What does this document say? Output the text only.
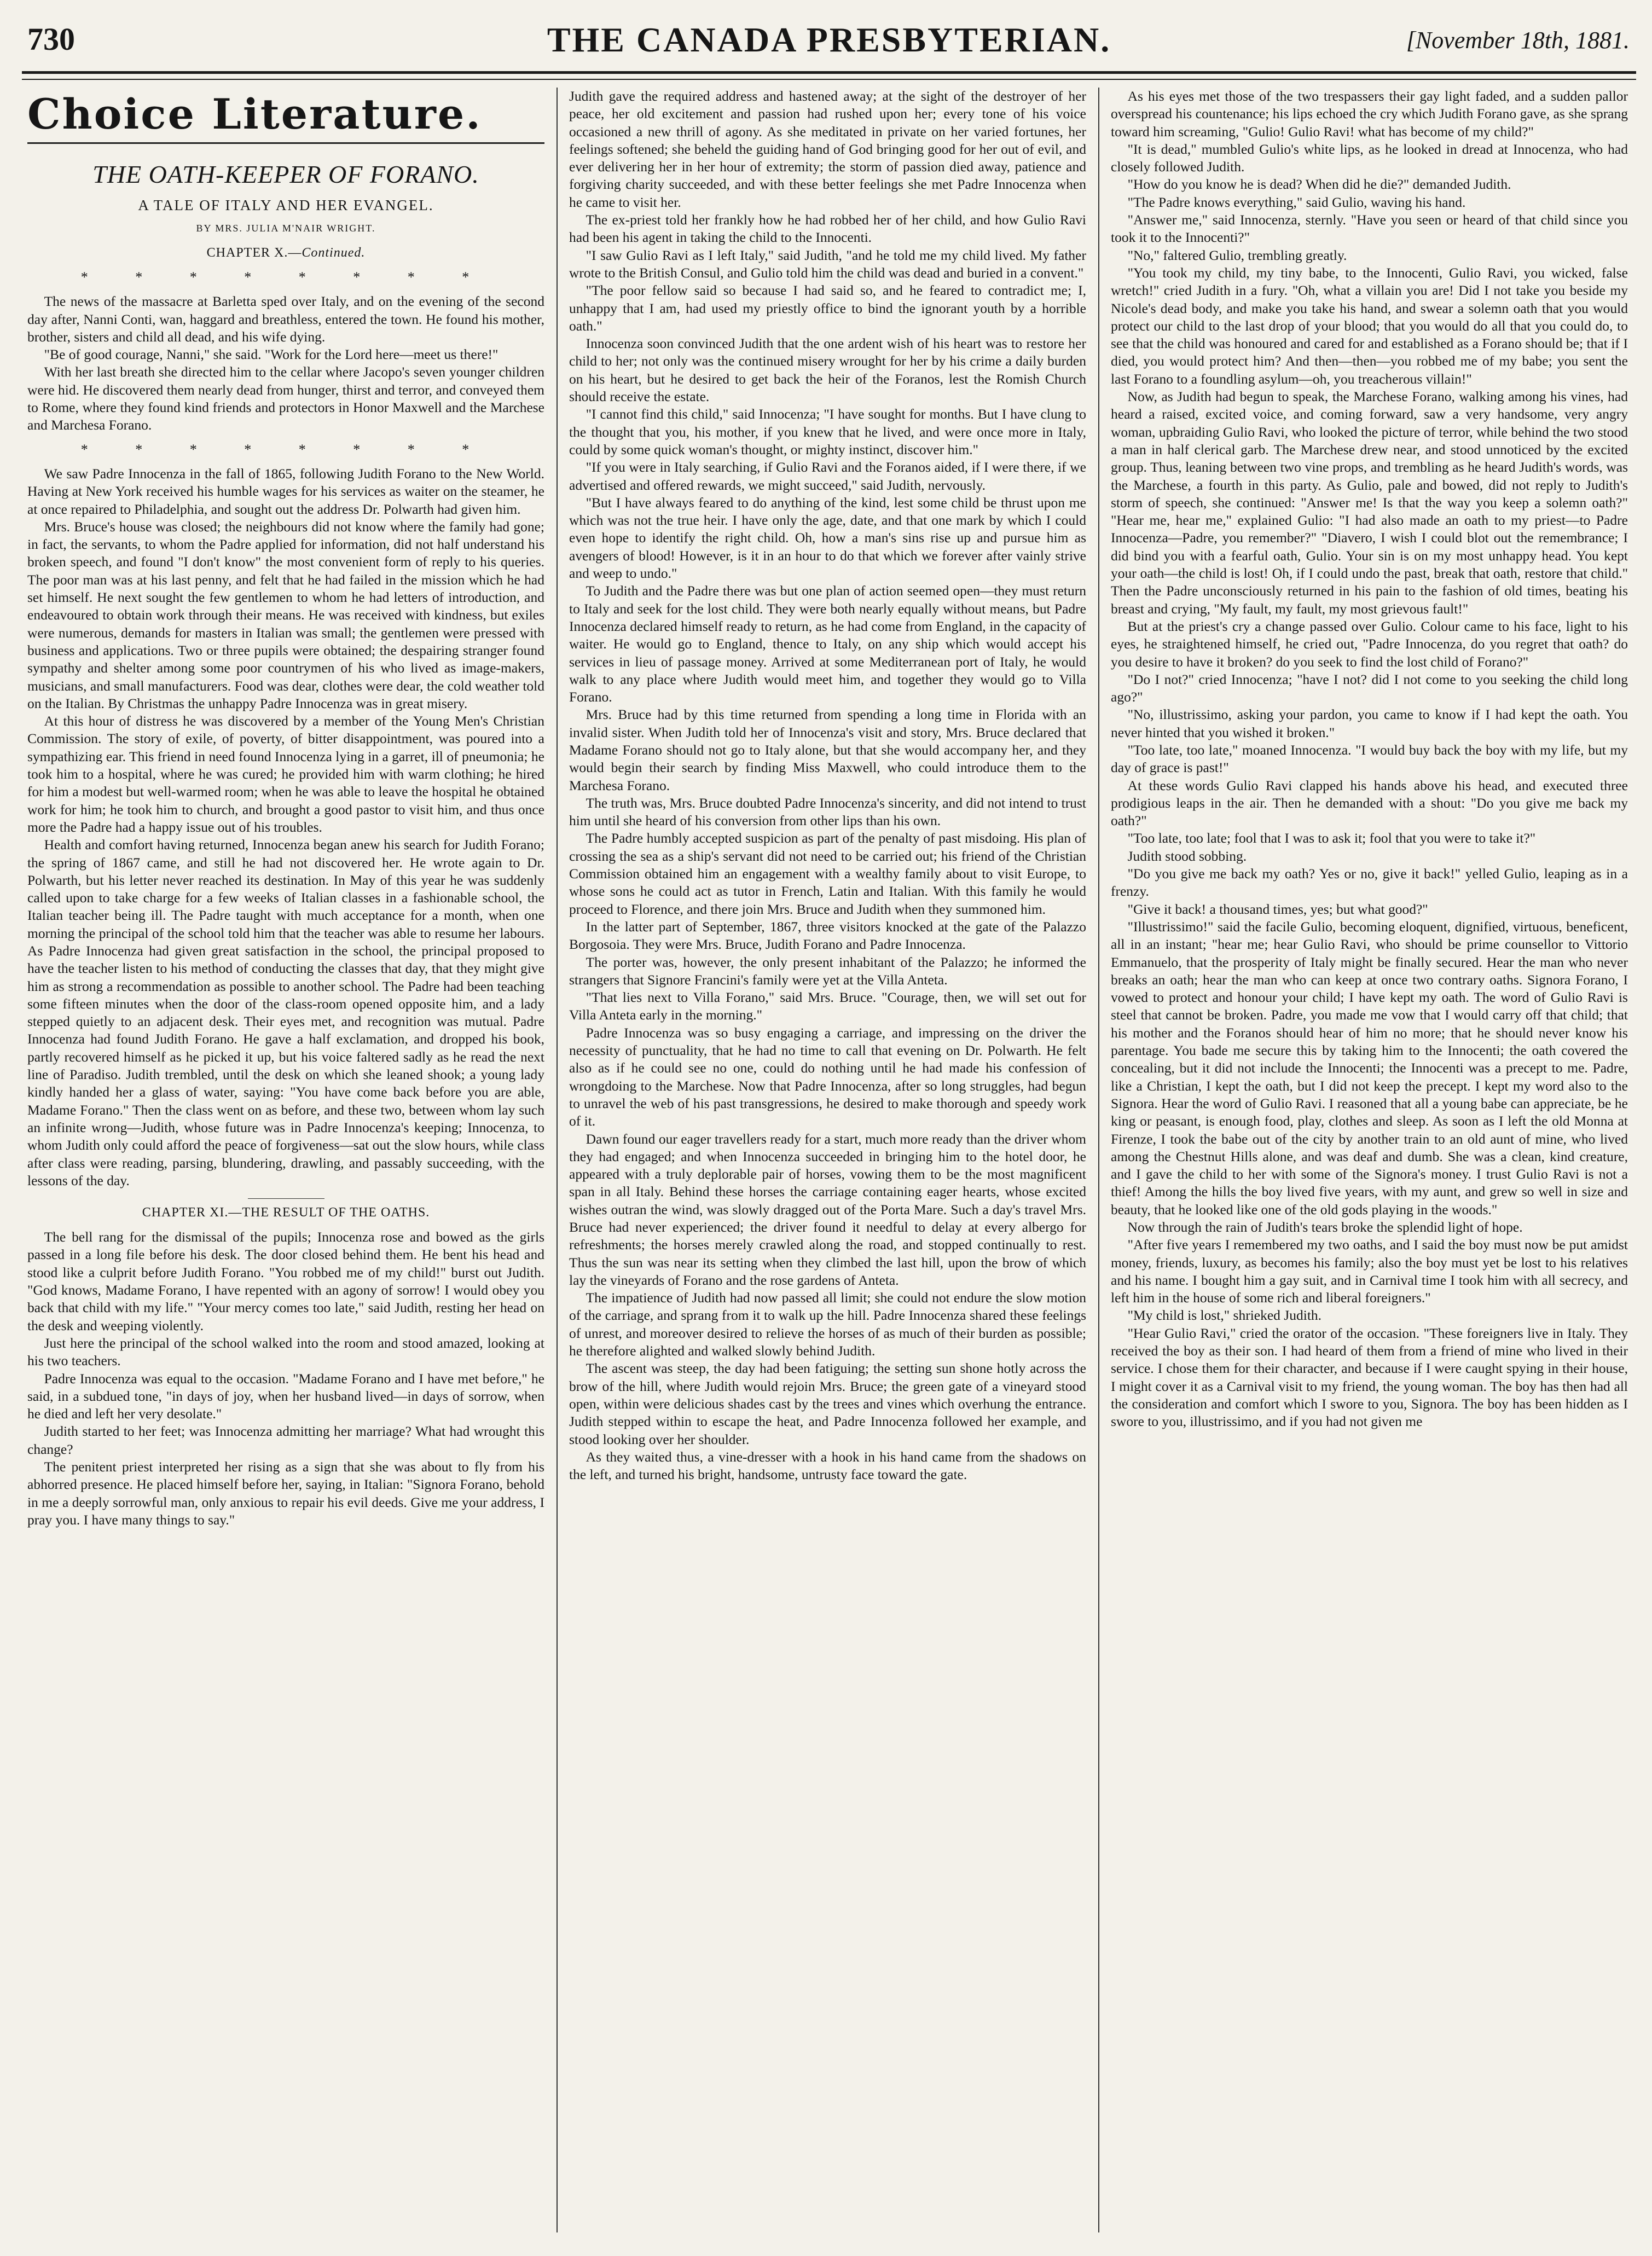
730	THE CANADA PRESBYTERIAN.	[November 18th, 1881.
Choice Literature.
THE OATH-KEEPER OF FORANO.
A TALE OF ITALY AND HER EVANGEL.
BY MRS. JULIA M'NAIR WRIGHT.
CHAPTER X.—Continued.
* * * * * * * *

The news of the massacre at Barletta sped over Italy, and on the evening of the second day after, Nanni Conti, wan, haggard and breathless, entered the town. He found his mother, brother, sisters and child all dead, and his wife dying.

"Be of good courage, Nanni," she said. "Work for the Lord here—meet us there!"

With her last breath she directed him to the cellar where Jacopo's seven younger children were hid. He discovered them nearly dead from hunger, thirst and terror, and conveyed them to Rome, where they found kind friends and protectors in Honor Maxwell and the Marchese and Marchesa Forano.

* * * * * * * *

We saw Padre Innocenza in the fall of 1865, following Judith Forano to the New World. Having at New York received his humble wages for his services as waiter on the steamer, he at once repaired to Philadelphia, and sought out the address Dr. Polwarth had given him.

Mrs. Bruce's house was closed; the neighbours did not know where the family had gone; in fact, the servants, to whom the Padre applied for information, did not half understand his broken speech, and found "I don't know" the most convenient form of reply to his queries. The poor man was at his last penny, and felt that he had failed in the mission which he had set himself. He next sought the few gentlemen to whom he had letters of introduction, and endeavoured to obtain work through their means. He was received with kindness, but exiles were numerous, demands for masters in Italian was small; the gentlemen were pressed with business and applications. Two or three pupils were obtained; the despairing stranger found sympathy and shelter among some poor countrymen of his who lived as image-makers, musicians, and small manufacturers. Food was dear, clothes were dear, the cold weather told on the Italian. By Christmas the unhappy Padre Innocenza was in great misery.

At this hour of distress he was discovered by a member of the Young Men's Christian Commission. The story of exile, of poverty, of bitter disappointment, was poured into a sympathizing ear. This friend in need found Innocenza lying in a garret, ill of pneumonia; he took him to a hospital, where he was cured; he provided him with warm clothing; he hired for him a modest but well-warmed room; when he was able to leave the hospital he obtained work for him; he took him to church, and brought a good pastor to visit him, and thus once more the Padre had a happy issue out of his troubles.

Health and comfort having returned, Innocenza began anew his search for Judith Forano; the spring of 1867 came, and still he had not discovered her. He wrote again to Dr. Polwarth, but his letter never reached its destination. In May of this year he was suddenly called upon to take charge for a few weeks of Italian classes in a fashionable school, the Italian teacher being ill. The Padre taught with much acceptance for a month, when one morning the principal of the school told him that the teacher was able to resume her labours. As Padre Innocenza had given great satisfaction in the school, the principal proposed to have the teacher listen to his method of conducting the classes that day, that they might give him as strong a recommendation as possible to another school. The Padre had been teaching some fifteen minutes when the door of the class-room opened opposite him, and a lady stepped quietly to an adjacent desk. Their eyes met, and recognition was mutual. Padre Innocenza had found Judith Forano. He gave a half exclamation, and dropped his book, partly recovered himself as he picked it up, but his voice faltered sadly as he read the next line of Paradiso. Judith trembled, until the desk on which she leaned shook; a young lady kindly handed her a glass of water, saying: "You have come back before you are able, Madame Forano." Then the class went on as before, and these two, between whom lay such an infinite wrong—Judith, whose future was in Padre Innocenza's keeping; Innocenza, to whom Judith only could afford the peace of forgiveness—sat out the slow hours, while class after class were reading, parsing, blundering, drawling, and passably succeeding, with the lessons of the day.

CHAPTER XI.—THE RESULT OF THE OATHS.

The bell rang for the dismissal of the pupils; Innocenza rose and bowed as the girls passed in a long file before his desk. The door closed behind them. He bent his head and stood like a culprit before Judith Forano. "You robbed me of my child!" burst out Judith. "God knows, Madame Forano, I have repented with an agony of sorrow! I would obey you back that child with my life." "Your mercy comes too late," said Judith, resting her head on the desk and weeping violently.

Just here the principal of the school walked into the room and stood amazed, looking at his two teachers.

Padre Innocenza was equal to the occasion. "Madame Forano and I have met before," he said, in a subdued tone, "in days of joy, when her husband lived—in days of sorrow, when he died and left her very desolate."

Judith started to her feet; was Innocenza admitting her marriage? What had wrought this change?

The penitent priest interpreted her rising as a sign that she was about to fly from his abhorred presence. He placed himself before her, saying, in Italian: "Signora Forano, behold in me a deeply sorrowful man, only anxious to repair his evil deeds. Give me your address, I pray you. I have many things to say."

Judith gave the required address and hastened away; at the sight of the destroyer of her peace, her old excitement and passion had rushed upon her; every tone of his voice occasioned a new thrill of agony. As she meditated in private on her varied fortunes, her feelings softened; she beheld the guiding hand of God bringing good for her out of evil, and ever delivering her in her hour of extremity; the storm of passion died away, patience and forgiving charity succeeded, and with these better feelings she met Padre Innocenza when he came to visit her.

The ex-priest told her frankly how he had robbed her of her child, and how Gulio Ravi had been his agent in taking the child to the Innocenti.

"I saw Gulio Ravi as I left Italy," said Judith, "and he told me my child lived. My father wrote to the British Consul, and Gulio told him the child was dead and buried in a convent."

"The poor fellow said so because I had said so, and he feared to contradict me; I, unhappy that I am, had used my priestly office to bind the ignorant youth by a horrible oath."

Innocenza soon convinced Judith that the one ardent wish of his heart was to restore her child to her; not only was the continued misery wrought for her by his crime a daily burden on his heart, but he desired to get back the heir of the Foranos, lest the Romish Church should receive the estate.

"I cannot find this child," said Innocenza; "I have sought for months. But I have clung to the thought that you, his mother, if you knew that he lived, and were once more in Italy, could by some quick woman's thought, or mighty instinct, discover him."

"If you were in Italy searching, if Gulio Ravi and the Foranos aided, if I were there, if we advertised and offered rewards, we might succeed," said Judith, nervously.

"But I have always feared to do anything of the kind, lest some child be thrust upon me which was not the true heir. I have only the age, date, and that one mark by which I could even hope to identify the right child. Oh, how a man's sins rise up and pursue him as avengers of blood! However, is it in an hour to do that which we forever after vainly strive and weep to undo."

To Judith and the Padre there was but one plan of action seemed open—they must return to Italy and seek for the lost child. They were both nearly equally without means, but Padre Innocenza declared himself ready to return, as he had come from England, in the capacity of waiter. He would go to England, thence to Italy, on any ship which would accept his services in lieu of passage money. Arrived at some Mediterranean port of Italy, he would walk to any place where Judith would meet him, and together they would go to Villa Forano.

Mrs. Bruce had by this time returned from spending a long time in Florida with an invalid sister. When Judith told her of Innocenza's visit and story, Mrs. Bruce declared that Madame Forano should not go to Italy alone, but that she would accompany her, and they would begin their search by finding Miss Maxwell, who could introduce them to the Marchesa Forano.

The truth was, Mrs. Bruce doubted Padre Innocenza's sincerity, and did not intend to trust him until she heard of his conversion from other lips than his own.

The Padre humbly accepted suspicion as part of the penalty of past misdoing. His plan of crossing the sea as a ship's servant did not need to be carried out; his friend of the Christian Commission obtained him an engagement with a wealthy family about to visit Europe, to whose sons he could act as tutor in French, Latin and Italian. With this family he would proceed to Florence, and there join Mrs. Bruce and Judith when they summoned him.

In the latter part of September, 1867, three visitors knocked at the gate of the Palazzo Borgosoia. They were Mrs. Bruce, Judith Forano and Padre Innocenza.

The porter was, however, the only present inhabitant of the Palazzo; he informed the strangers that Signore Francini's family were yet at the Villa Anteta.

"That lies next to Villa Forano," said Mrs. Bruce. "Courage, then, we will set out for Villa Anteta early in the morning."

Padre Innocenza was so busy engaging a carriage, and impressing on the driver the necessity of punctuality, that he had no time to call that evening on Dr. Polwarth. He felt also as if he could see no one, could do nothing until he had made his confession of wrongdoing to the Marchese. Now that Padre Innocenza, after so long struggles, had begun to unravel the web of his past transgressions, he desired to make thorough and speedy work of it.

Dawn found our eager travellers ready for a start, much more ready than the driver whom they had engaged; and when Innocenza succeeded in bringing him to the hotel door, he appeared with a truly deplorable pair of horses, vowing them to be the most magnificent span in all Italy. Behind these horses the carriage containing eager hearts, whose excited wishes outran the wind, was slowly dragged out of the Porta Mare. Such a day's travel Mrs. Bruce had never experienced; the driver found it needful to delay at every albergo for refreshments; the horses merely crawled along the road, and stopped continually to rest. Thus the sun was near its setting when they climbed the last hill, upon the brow of which lay the vineyards of Forano and the rose gardens of Anteta.

The impatience of Judith had now passed all limit; she could not endure the slow motion of the carriage, and sprang from it to walk up the hill. Padre Innocenza shared these feelings of unrest, and moreover desired to relieve the horses of as much of their burden as possible; he therefore alighted and walked slowly behind Judith.

The ascent was steep, the day had been fatiguing; the setting sun shone hotly across the brow of the hill, where Judith would rejoin Mrs. Bruce; the green gate of a vineyard stood open, within were delicious shades cast by the trees and vines which overhung the entrance. Judith stepped within to escape the heat, and Padre Innocenza followed her example, and stood looking over her shoulder.

As they waited thus, a vine-dresser with a hook in his hand came from the shadows on the left, and turned his bright, handsome, untrusty face toward the gate.

As his eyes met those of the two trespassers their gay light faded, and a sudden pallor overspread his countenance; his lips echoed the cry which Judith Forano gave, as she sprang toward him screaming, "Gulio! Gulio Ravi! what has become of my child?"

"It is dead," mumbled Gulio's white lips, as he looked in dread at Innocenza, who had closely followed Judith.

"How do you know he is dead? When did he die?" demanded Judith.

"The Padre knows everything," said Gulio, waving his hand.

"Answer me," said Innocenza, sternly. "Have you seen or heard of that child since you took it to the Innocenti?"

"No," faltered Gulio, trembling greatly.

"You took my child, my tiny babe, to the Innocenti, Gulio Ravi, you wicked, false wretch!" cried Judith in a fury. "Oh, what a villain you are! Did I not take you beside my Nicole's dead body, and make you take his hand, and swear a solemn oath that you would protect our child to the last drop of your blood; that you would do all that you could do, to see that the child was honoured and cared for and established as a Forano should be; that if I died, you would protect him? And then—then—you robbed me of my babe; you sent the last Forano to a foundling asylum—oh, you treacherous villain!"

Now, as Judith had begun to speak, the Marchese Forano, walking among his vines, had heard a raised, excited voice, and coming forward, saw a very handsome, very angry woman, upbraiding Gulio Ravi, who looked the picture of terror, while behind the two stood a man in half clerical garb. The Marchese drew near, and stood unnoticed by the excited group. Thus, leaning between two vine props, and trembling as he heard Judith's words, was the Marchese, a fourth in this party. As Gulio, pale and bowed, did not reply to Judith's storm of speech, she continued: "Answer me! Is that the way you keep a solemn oath?" "Hear me, hear me," explained Gulio: "I had also made an oath to my priest—to Padre Innocenza—Padre, you remember?" "Diavero, I wish I could blot out the remembrance; I did bind you with a fearful oath, Gulio. Your sin is on my most unhappy head. You kept your oath—the child is lost! Oh, if I could undo the past, break that oath, restore that child." Then the Padre unconsciously returned in his pain to the fashion of old times, beating his breast and crying, "My fault, my fault, my most grievous fault!"

But at the priest's cry a change passed over Gulio. Colour came to his face, light to his eyes, he straightened himself, he cried out, "Padre Innocenza, do you regret that oath? do you desire to have it broken? do you seek to find the lost child of Forano?"

"Do I not?" cried Innocenza; "have I not? did I not come to you seeking the child long ago?"

"No, illustrissimo, asking your pardon, you came to know if I had kept the oath. You never hinted that you wished it broken."

"Too late, too late," moaned Innocenza. "I would buy back the boy with my life, but my day of grace is past!"

At these words Gulio Ravi clapped his hands above his head, and executed three prodigious leaps in the air. Then he demanded with a shout: "Do you give me back my oath?"

"Too late, too late; fool that I was to ask it; fool that you were to take it?"

Judith stood sobbing.

"Do you give me back my oath? Yes or no, give it back!" yelled Gulio, leaping as in a frenzy.

"Give it back! a thousand times, yes; but what good?"

"Illustrissimo!" said the facile Gulio, becoming eloquent, dignified, virtuous, beneficent, all in an instant; "hear me; hear Gulio Ravi, who should be prime counsellor to Vittorio Emmanuelo, that the prosperity of Italy might be finally secured. Hear the man who never breaks an oath; hear the man who can keep at once two contrary oaths. Signora Forano, I vowed to protect and honour your child; I have kept my oath. The word of Gulio Ravi is steel that cannot be broken. Padre, you made me vow that I would carry off that child; that his mother and the Foranos should hear of him no more; that he should never know his parentage. You bade me secure this by taking him to the Innocenti; the oath covered the concealing, but it did not include the Innocenti; the Innocenti was a precept to me. Padre, like a Christian, I kept the oath, but I did not keep the precept. I kept my word also to the Signora. Hear the word of Gulio Ravi. I reasoned that all a young babe can appreciate, be he king or peasant, is enough food, play, clothes and sleep. As soon as I left the old Monna at Firenze, I took the babe out of the city by another train to an old aunt of mine, who lived among the Chestnut Hills alone, and was deaf and dumb. She was a clean, kind creature, and I gave the child to her with some of the Signora's money. I trust Gulio Ravi is not a thief! Among the hills the boy lived five years, with my aunt, and grew so well in size and beauty, that he looked like one of the old gods playing in the woods."

Now through the rain of Judith's tears broke the splendid light of hope.

"After five years I remembered my two oaths, and I said the boy must now be put amidst money, friends, luxury, as becomes his family; also the boy must yet be lost to his relatives and his name. I bought him a gay suit, and in Carnival time I took him with all secrecy, and left him in the house of some rich and liberal foreigners."

"My child is lost," shrieked Judith.

"Hear Gulio Ravi," cried the orator of the occasion. "These foreigners live in Italy. They received the boy as their son. I had heard of them from a friend of mine who lived in their service. I chose them for their character, and because if I were caught spying in their house, I might cover it as a Carnival visit to my friend, the young woman. The boy has then had all the consideration and comfort which I swore to you, Signora. The boy has been hidden as I swore to you, illustrissimo, and if you had not given me
